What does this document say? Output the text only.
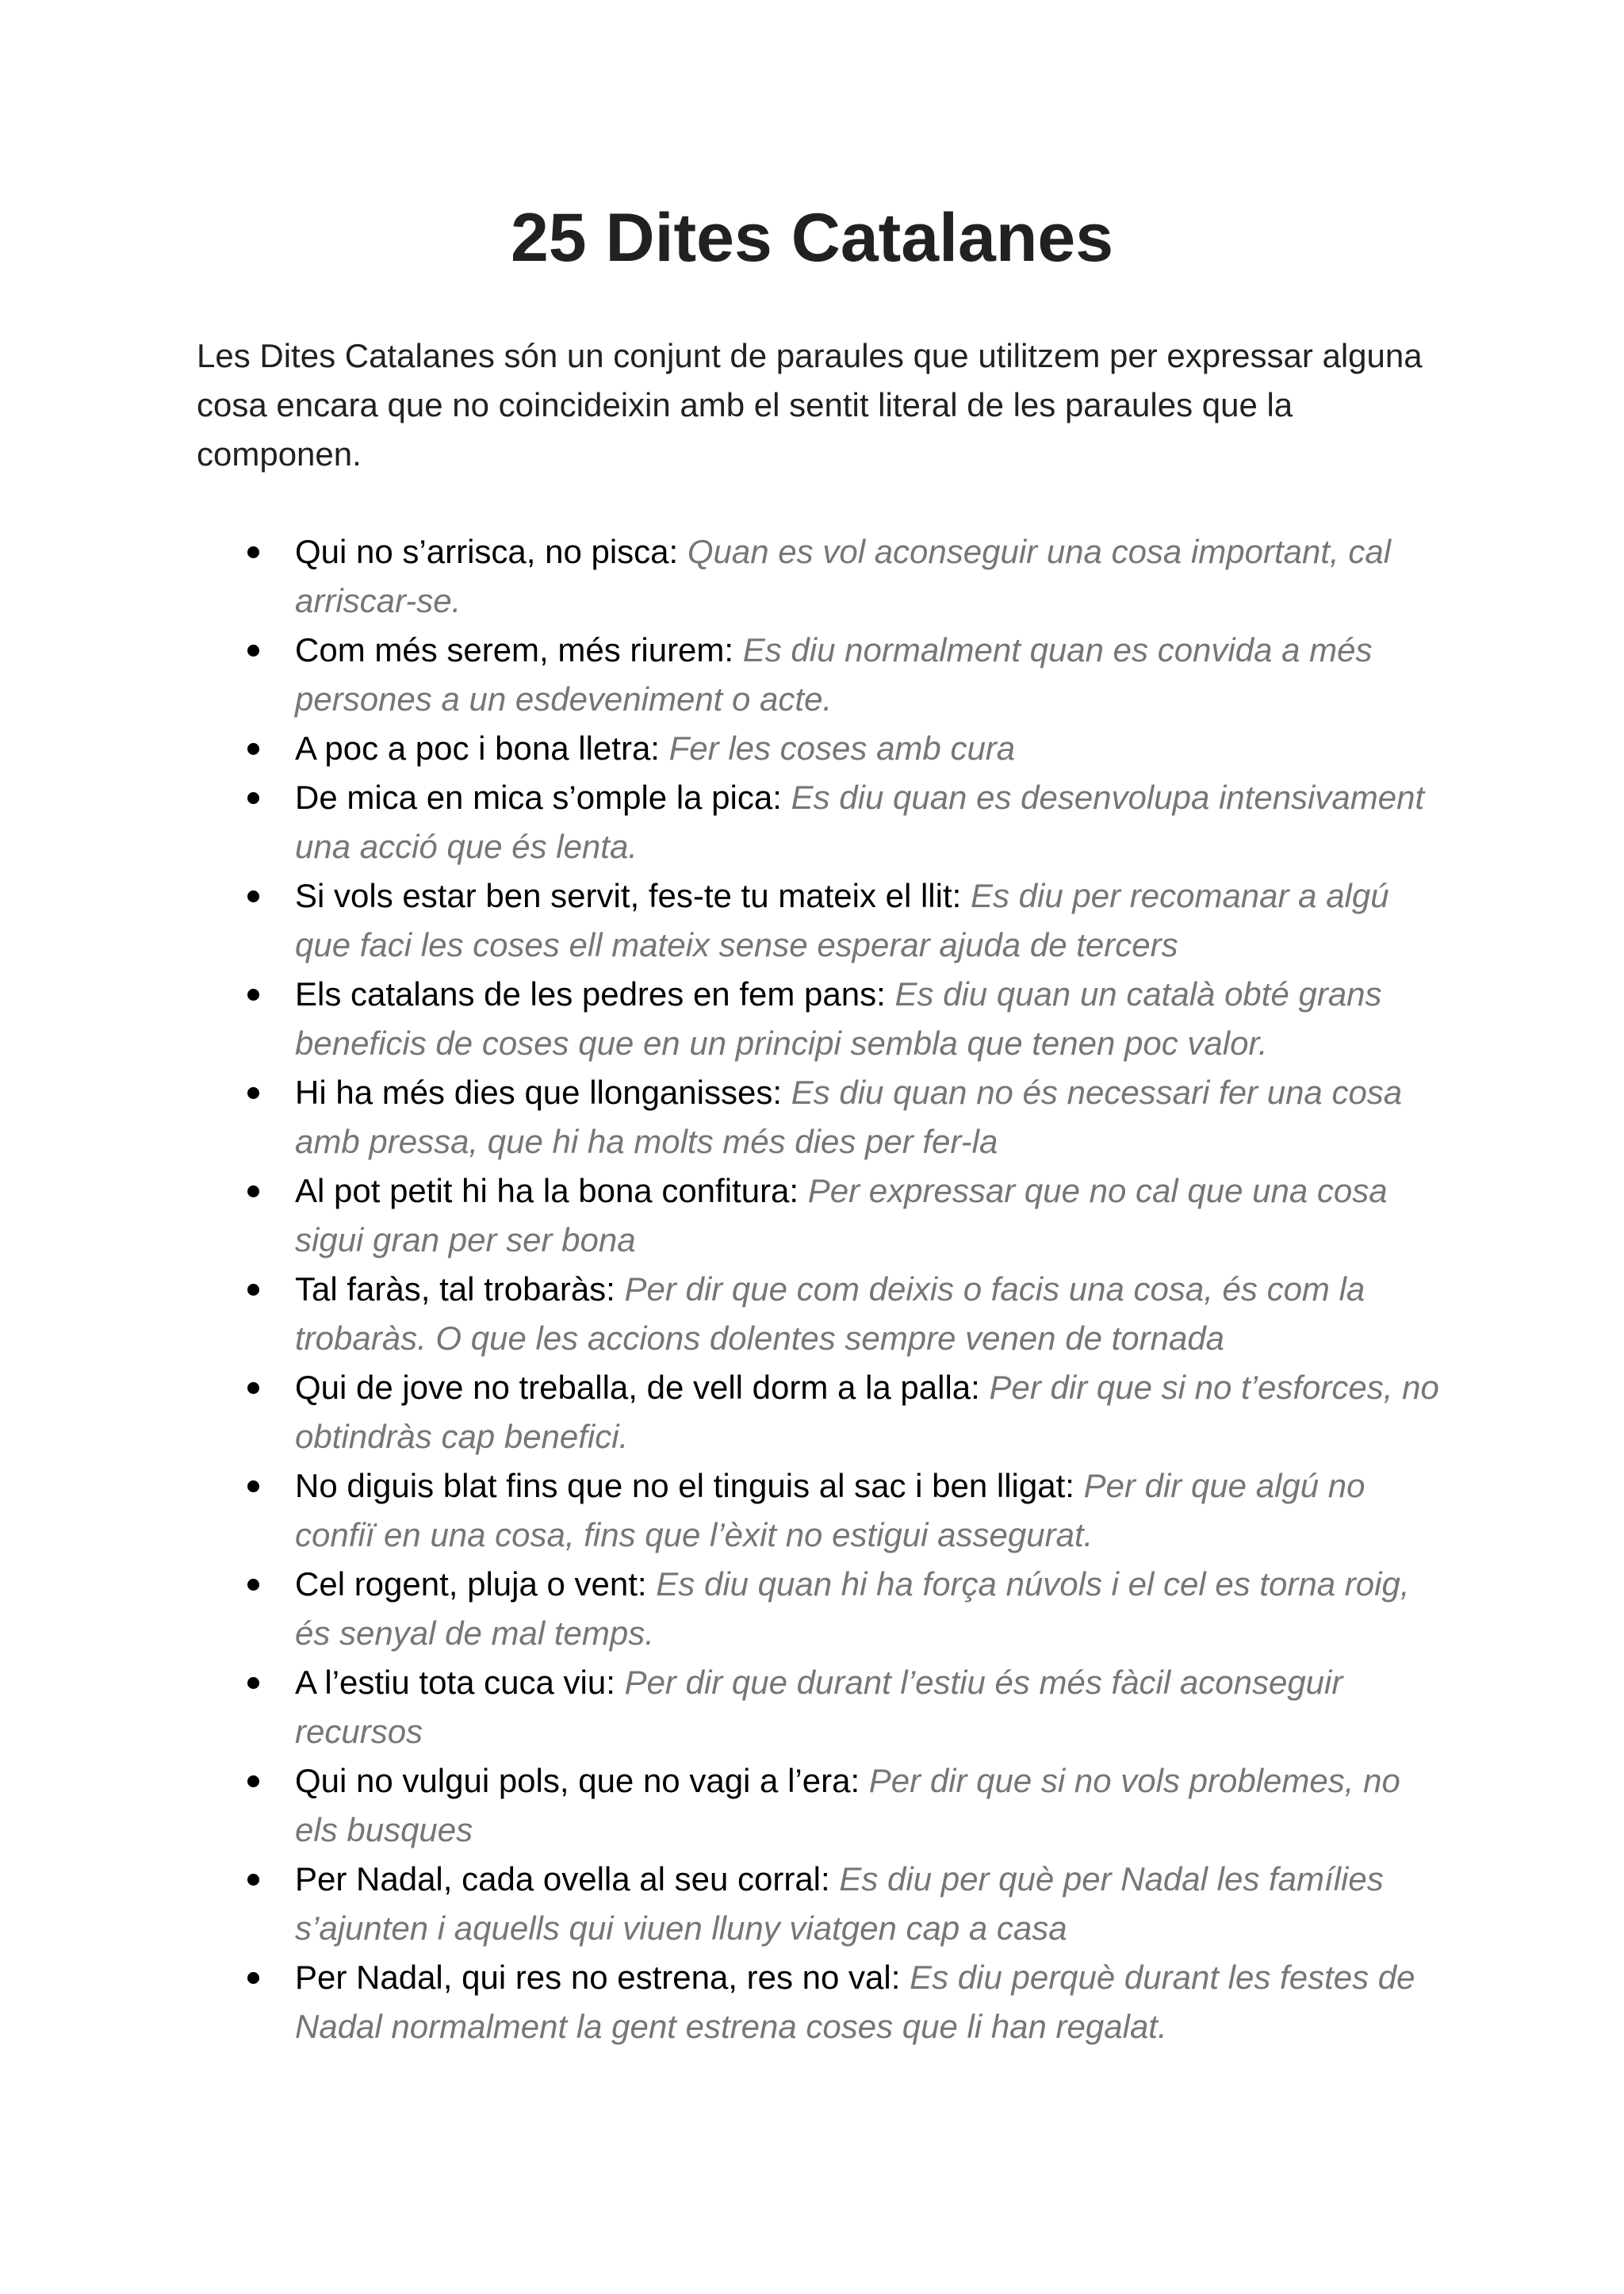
25 Dites Catalanes

Les Dites Catalanes són un conjunt de paraules que utilitzem per expressar alguna cosa encara que no coincideixin amb el sentit literal de les paraules que la componen.

Qui no s’arrisca, no pisca: Quan es vol aconseguir una cosa important, cal arriscar-se.
Com més serem, més riurem: Es diu normalment quan es convida a més persones a un esdeveniment o acte.
A poc a poc i bona lletra: Fer les coses amb cura
De mica en mica s’omple la pica: Es diu quan es desenvolupa intensivament una acció que és lenta.
Si vols estar ben servit, fes-te tu mateix el llit: Es diu per recomanar a algú que faci les coses ell mateix sense esperar ajuda de tercers
Els catalans de les pedres en fem pans: Es diu quan un català obté grans beneficis de coses que en un principi sembla que tenen poc valor.
Hi ha més dies que llonganisses: Es diu quan no és necessari fer una cosa amb pressa, que hi ha molts més dies per fer-la
Al pot petit hi ha la bona confitura: Per expressar que no cal que una cosa sigui gran per ser bona
Tal faràs, tal trobaràs: Per dir que com deixis o facis una cosa, és com la trobaràs. O que les accions dolentes sempre venen de tornada
Qui de jove no treballa, de vell dorm a la palla: Per dir que si no t’esforces, no obtindràs cap benefici.
No diguis blat fins que no el tinguis al sac i ben lligat: Per dir que algú no confiï en una cosa, fins que l’èxit no estigui assegurat.
Cel rogent, pluja o vent: Es diu quan hi ha força núvols i el cel es torna roig, és senyal de mal temps.
A l’estiu tota cuca viu: Per dir que durant l’estiu és més fàcil aconseguir recursos
Qui no vulgui pols, que no vagi a l’era: Per dir que si no vols problemes, no els busques
Per Nadal, cada ovella al seu corral: Es diu per què per Nadal les famílies s’ajunten i aquells qui viuen lluny viatgen cap a casa
Per Nadal, qui res no estrena, res no val: Es diu perquè durant les festes de Nadal normalment la gent estrena coses que li han regalat.
